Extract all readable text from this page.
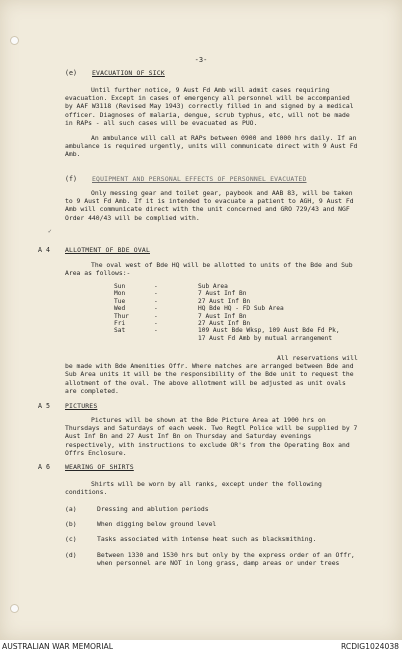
-3-
(e) EVACUATION OF SICK

Until further notice, 9 Aust Fd Amb will admit cases requiring evacuation. Except in cases of emergency all personnel will be accompanied by AAF W3118 (Revised May 1943) correctly filled in and signed by a medical officer. Diagnoses of malaria, dengue, scrub typhus, etc, will not be made in RAPs - all such cases will be evacuated as PUO.

An ambulance will call at RAPs between 0900 and 1000 hrs daily. If an ambulance is required urgently, units will communicate direct with 9 Aust Fd Amb.

(f) EQUIPMENT AND PERSONAL EFFECTS OF PERSONNEL EVACUATED

Only messing gear and toilet gear, paybook and AAB 83, will be taken to 9 Aust Fd Amb. If it is intended to evacuate a patient to AGH, 9 Aust Fd Amb will communicate direct with the unit concerned and GRO 729/43 and NGF Order 440/43 will be complied with.

✓
A 4 ALLOTMENT OF BDE OVAL

The oval west of Bde HQ will be allotted to units of the Bde and Sub Area as follows:-

Sun	-	Sub Area
Mon	-	7 Aust Inf Bn
Tue	-	27 Aust Inf Bn
Wed	-	HQ Bde HQ - FD Sub Area
Thur	-	7 Aust Inf Bn
Fri	-	27 Aust Inf Bn
Sat	-	109 Aust Bde Wksp, 109 Aust Bde Fd Pk,
		17 Aust Fd Amb by mutual arrangement

All reservations will be made with Bde Amenities Offr. Where matches are arranged between Bde and Sub Area units it will be the responsibility of the Bde unit to request the allotment of the oval. The above allotment will be adjusted as unit ovals are completed.

A 5 PICTURES

Pictures will be shown at the Bde Picture Area at 1900 hrs on Thursdays and Saturdays of each week. Two Regtl Police will be supplied by 7 Aust Inf Bn and 27 Aust Inf Bn on Thursday and Saturday evenings respectively, with instructions to exclude OR's from the Operating Box and Offrs Enclosure.

A 6 WEARING OF SHIRTS

Shirts will be worn by all ranks, except under the following conditions.

(a)	Dressing and ablution periods
(b)	When digging below ground level
(c)	Tasks associated with intense heat such as blacksmithing.
(d)	Between 1330 and 1530 hrs but only by the express order of an Offr, when personnel are NOT in long grass, damp areas or under trees
AUSTRALIAN WAR MEMORIAL	RCDIG1024038
